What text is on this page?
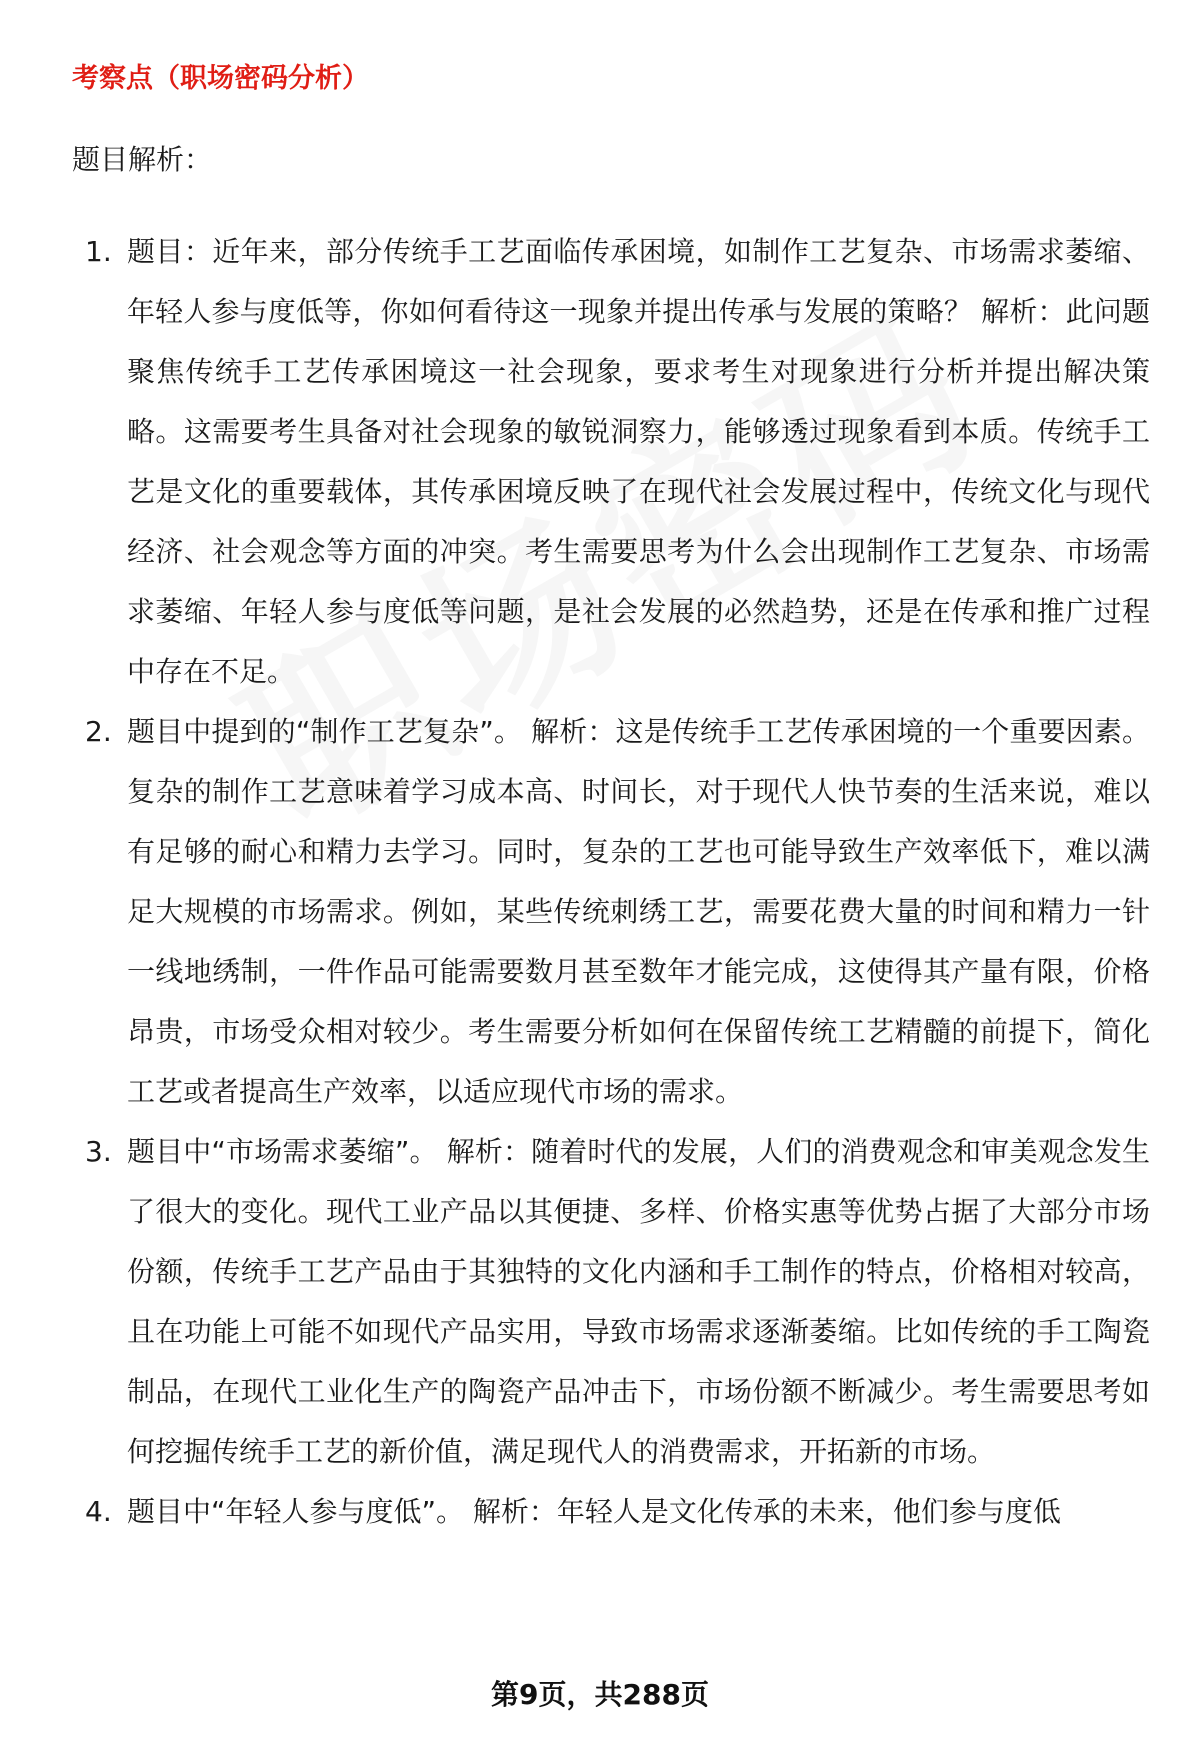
考察点（职场密码分析）

题目解析：

1. 题目：近年来，部分传统手工艺面临传承困境，如制作工艺复杂、市场需求萎缩、年轻人参与度低等，你如何看待这一现象并提出传承与发展的策略？ 解析：此问题聚焦传统手工艺传承困境这一社会现象，要求考生对现象进行分析并提出解决策略。这需要考生具备对社会现象的敏锐洞察力，能够透过现象看到本质。传统手工艺是文化的重要载体，其传承困境反映了在现代社会发展过程中，传统文化与现代经济、社会观念等方面的冲突。考生需要思考为什么会出现制作工艺复杂、市场需求萎缩、年轻人参与度低等问题，是社会发展的必然趋势，还是在传承和推广过程中存在不足。
2. 题目中提到的“制作工艺复杂”。 解析：这是传统手工艺传承困境的一个重要因素。复杂的制作工艺意味着学习成本高、时间长，对于现代人快节奏的生活来说，难以有足够的耐心和精力去学习。同时，复杂的工艺也可能导致生产效率低下，难以满足大规模的市场需求。例如，某些传统刺绣工艺，需要花费大量的时间和精力一针一线地绣制，一件作品可能需要数月甚至数年才能完成，这使得其产量有限，价格昂贵，市场受众相对较少。考生需要分析如何在保留传统工艺精髓的前提下，简化工艺或者提高生产效率，以适应现代市场的需求。
3. 题目中“市场需求萎缩”。 解析：随着时代的发展，人们的消费观念和审美观念发生了很大的变化。现代工业产品以其便捷、多样、价格实惠等优势占据了大部分市场份额，传统手工艺产品由于其独特的文化内涵和手工制作的特点，价格相对较高，且在功能上可能不如现代产品实用，导致市场需求逐渐萎缩。比如传统的手工陶瓷制品，在现代工业化生产的陶瓷产品冲击下，市场份额不断减少。考生需要思考如何挖掘传统手工艺的新价值，满足现代人的消费需求，开拓新的市场。
4. 题目中“年轻人参与度低”。 解析：年轻人是文化传承的未来，他们参与度低
第9页，共288页
